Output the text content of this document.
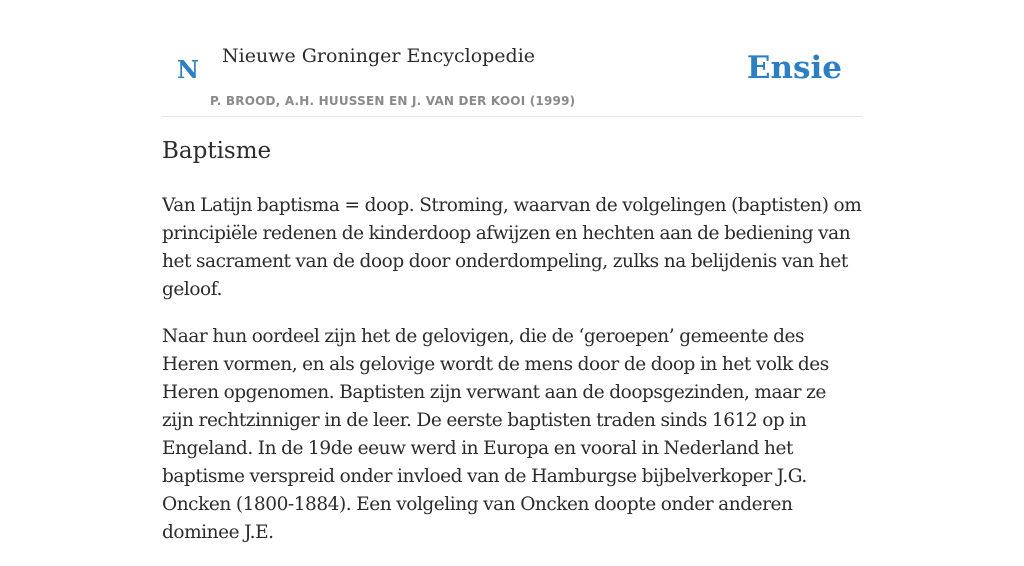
N Nieuwe Groninger Encyclopedie
P. BROOD, A.H. HUUSSEN EN J. VAN DER KOOI (1999)
Ensie
Baptisme

Van Latijn baptisma = doop. Stroming, waarvan de volgelingen (baptisten) om principiële redenen de kinderdoop afwijzen en hechten aan de bediening van het sacrament van de doop door onderdompeling, zulks na belijdenis van het geloof.

Naar hun oordeel zijn het de gelovigen, die de ‘geroepen’ gemeente des Heren vormen, en als gelovige wordt de mens door de doop in het volk des Heren opgenomen. Baptisten zijn verwant aan de doopsgezinden, maar ze zijn rechtzinniger in de leer. De eerste baptisten traden sinds 1612 op in Engeland. In de 19de eeuw werd in Europa en vooral in Nederland het baptisme verspreid onder invloed van de Hamburgse bijbelverkoper J.G. Oncken (1800-1884). Een volgeling van Oncken doopte onder anderen dominee J.E.
